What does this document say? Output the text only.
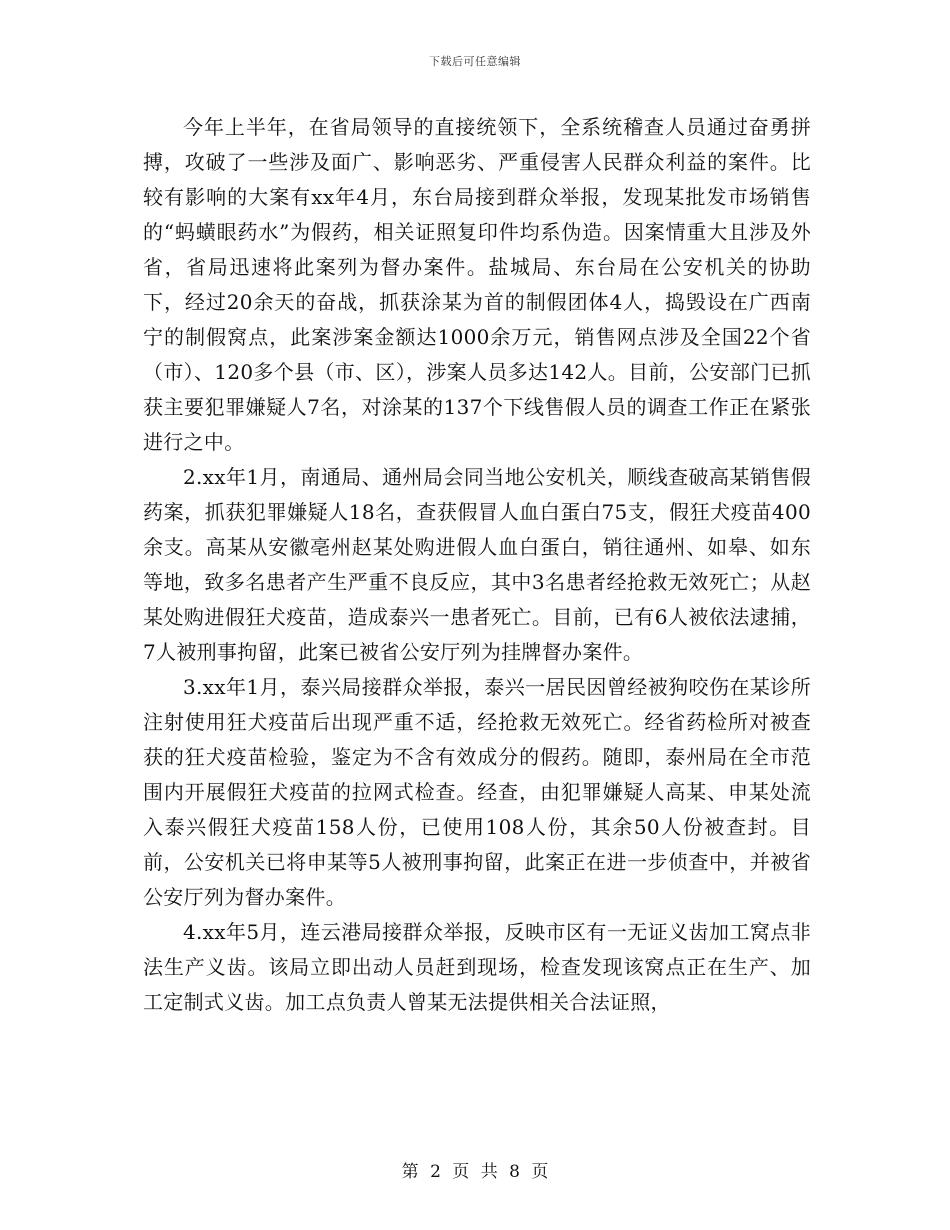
下载后可任意编辑

今年上半年，在省局领导的直接统领下，全系统稽查人员通过奋勇拼搏，攻破了一些涉及面广、影响恶劣、严重侵害人民群众利益的案件。比较有影响的大案有xx年4月，东台局接到群众举报，发现某批发市场销售的“蚂蟥眼药水”为假药，相关证照复印件均系伪造。因案情重大且涉及外省，省局迅速将此案列为督办案件。盐城局、东台局在公安机关的协助下，经过20余天的奋战，抓获涂某为首的制假团体4人，捣毁设在广西南宁的制假窝点，此案涉案金额达1000余万元，销售网点涉及全国22个省（市）、120多个县（市、区），涉案人员多达142人。目前，公安部门已抓获主要犯罪嫌疑人7名，对涂某的137个下线售假人员的调查工作正在紧张进行之中。

2.xx年1月，南通局、通州局会同当地公安机关，顺线查破高某销售假药案，抓获犯罪嫌疑人18名，查获假冒人血白蛋白75支，假狂犬疫苗400余支。高某从安徽亳州赵某处购进假人血白蛋白，销往通州、如皋、如东等地，致多名患者产生严重不良反应，其中3名患者经抢救无效死亡；从赵某处购进假狂犬疫苗，造成泰兴一患者死亡。目前，已有6人被依法逮捕，7人被刑事拘留，此案已被省公安厅列为挂牌督办案件。

3.xx年1月，泰兴局接群众举报，泰兴一居民因曾经被狗咬伤在某诊所注射使用狂犬疫苗后出现严重不适，经抢救无效死亡。经省药检所对被查获的狂犬疫苗检验，鉴定为不含有效成分的假药。随即，泰州局在全市范围内开展假狂犬疫苗的拉网式检查。经查，由犯罪嫌疑人高某、申某处流入泰兴假狂犬疫苗158人份，已使用108人份，其余50人份被查封。目前，公安机关已将申某等5人被刑事拘留，此案正在进一步侦查中，并被省公安厅列为督办案件。

4.xx年5月，连云港局接群众举报，反映市区有一无证义齿加工窝点非法生产义齿。该局立即出动人员赶到现场，检查发现该窝点正在生产、加工定制式义齿。加工点负责人曾某无法提供相关合法证照，

第 2 页 共 8 页
